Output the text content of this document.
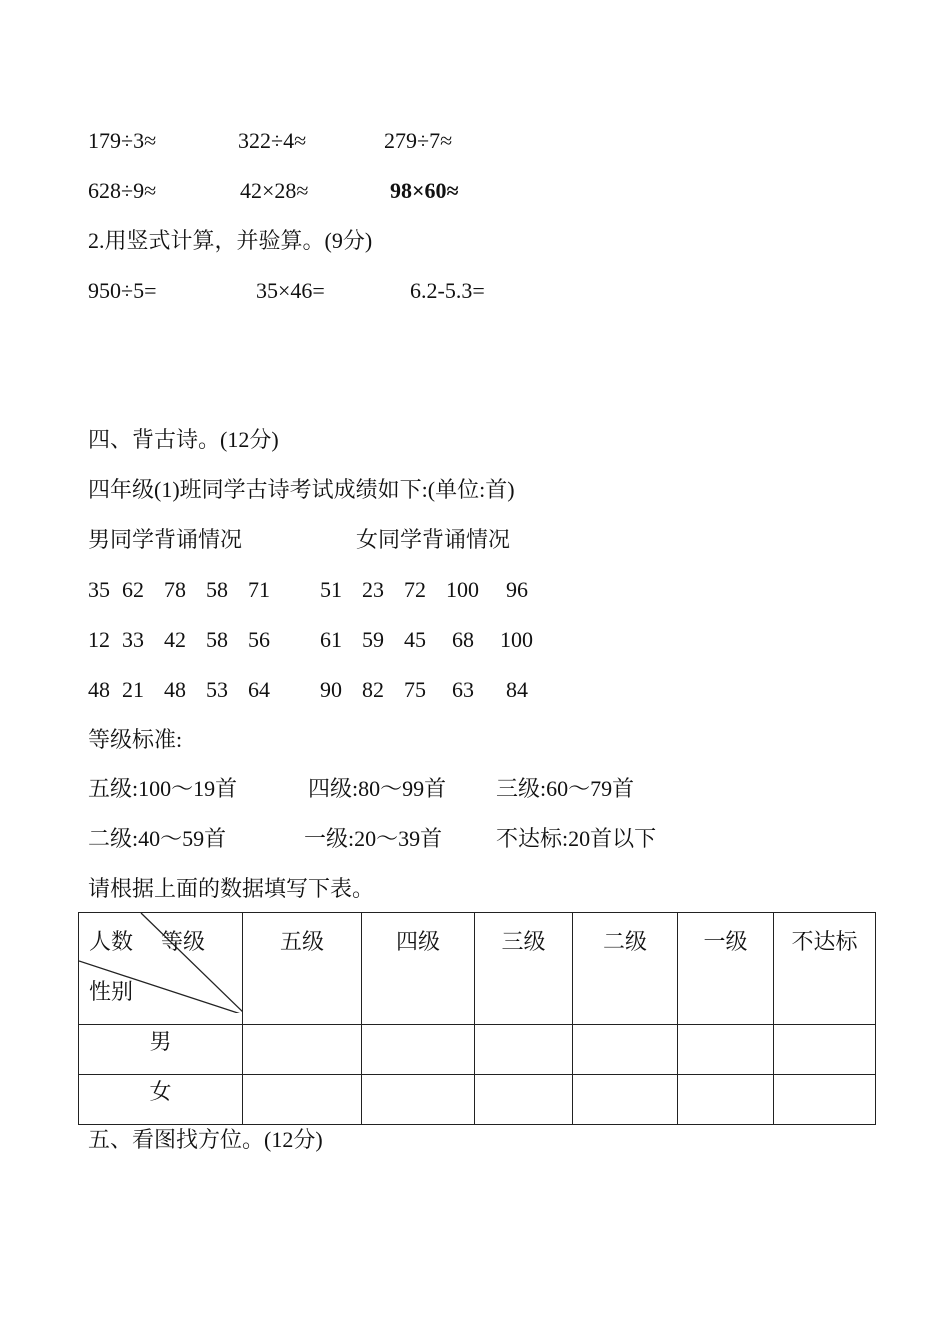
179÷3≈	322÷4≈	279÷7≈
628÷9≈	42×28≈	98×60≈
2.用竖式计算，并验算。(9分)
950÷5=	35×46=	6.2-5.3=
四、背古诗。(12分)
四年级(1)班同学古诗考试成绩如下:(单位:首)
男同学背诵情况	女同学背诵情况
35 62 78 58 71
12 33 42 58 56
48 21 48 53 64
51 23 72 100 96
61 59 45 68 100
90 82 75 63 84
等级标准:
五级:100～19首	四级:80～99首 三级:60～79首
二级:40～59首	一级:20～39首 不达标:20首以下
请根据上面的数据填写下表。
人数 等级
性别	五级	四级	三级	二级	一级	不达标
男						
女						
五、看图找方位。(12分)
